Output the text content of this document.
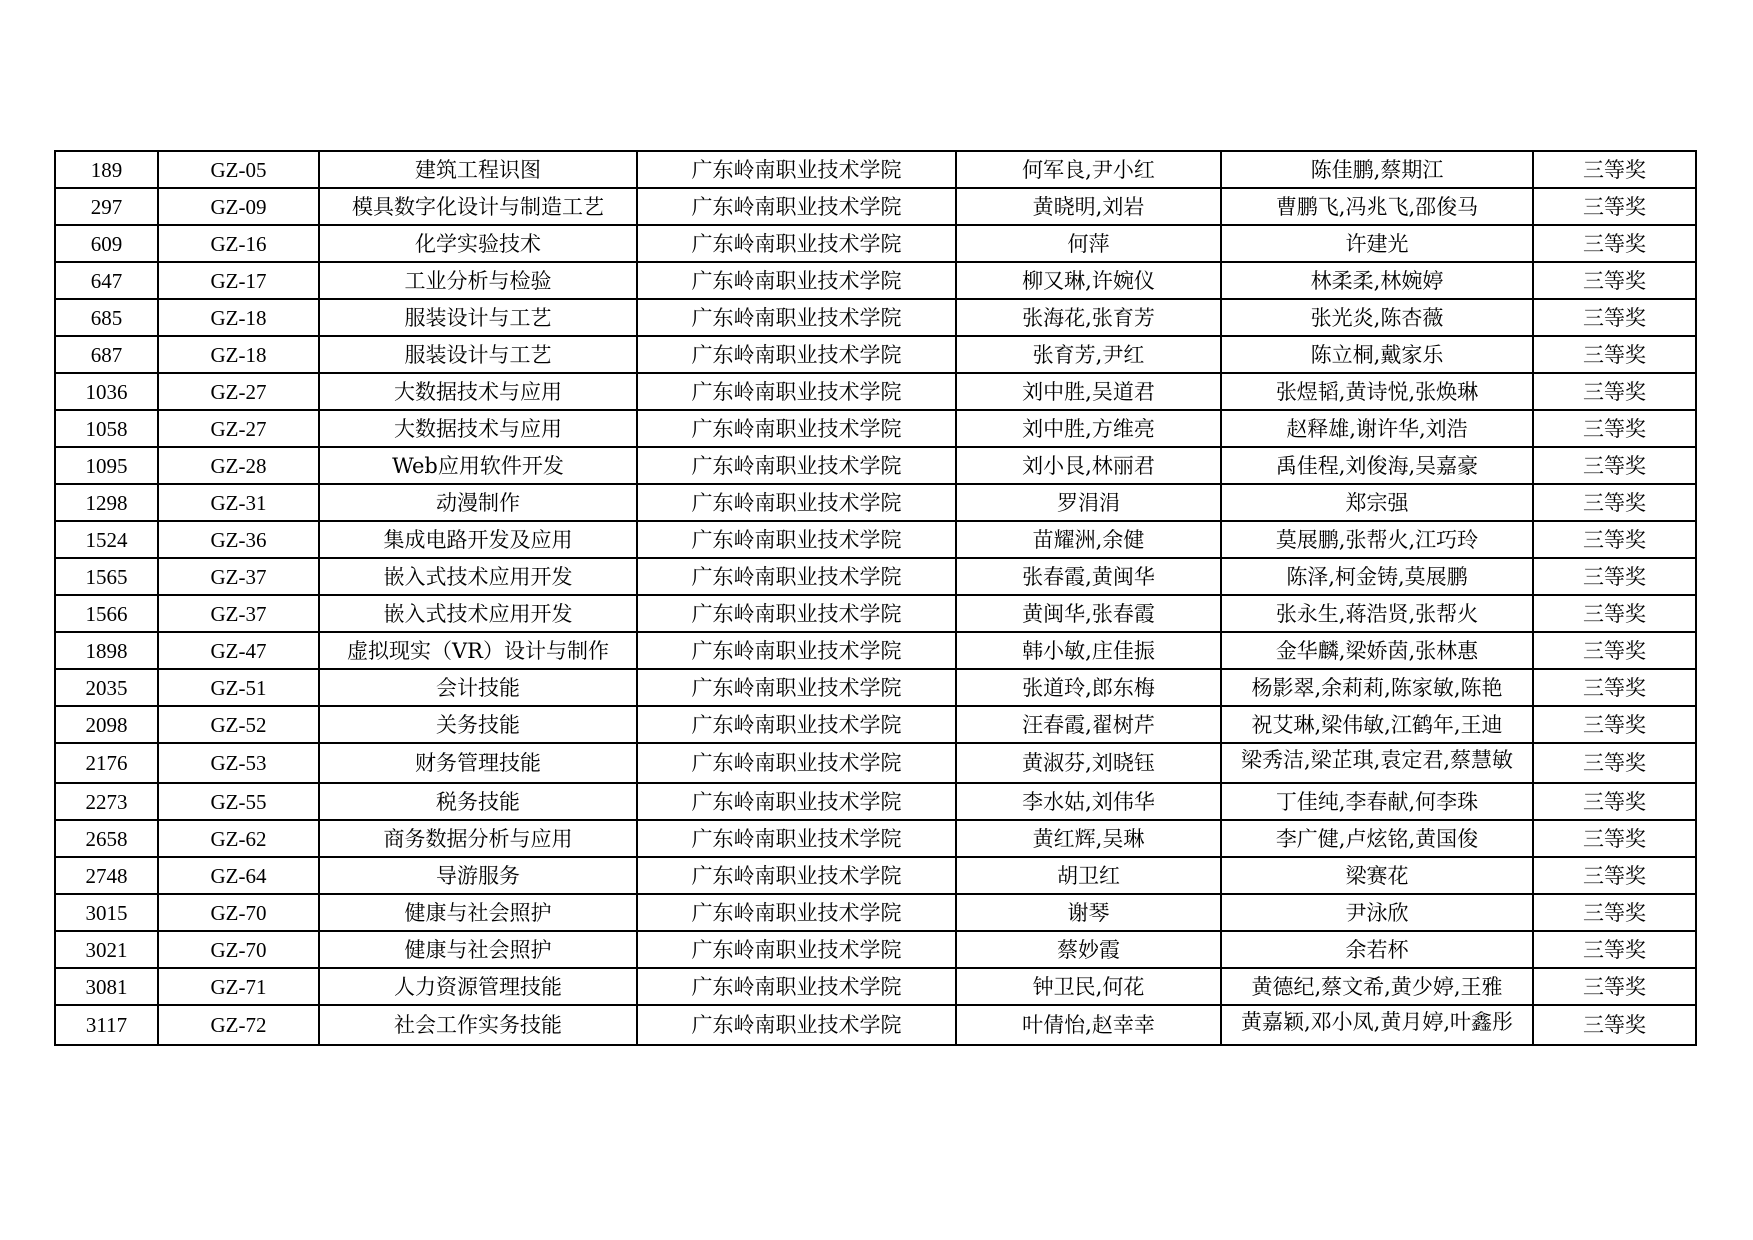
189	GZ-05	建筑工程识图	广东岭南职业技术学院	何军良,尹小红	陈佳鹏,蔡期江	三等奖
297	GZ-09	模具数字化设计与制造工艺	广东岭南职业技术学院	黄晓明,刘岩	曹鹏飞,冯兆飞,邵俊马	三等奖
609	GZ-16	化学实验技术	广东岭南职业技术学院	何萍	许建光	三等奖
647	GZ-17	工业分析与检验	广东岭南职业技术学院	柳又琳,许婉仪	林柔柔,林婉婷	三等奖
685	GZ-18	服装设计与工艺	广东岭南职业技术学院	张海花,张育芳	张光炎,陈杏薇	三等奖
687	GZ-18	服装设计与工艺	广东岭南职业技术学院	张育芳,尹红	陈立桐,戴家乐	三等奖
1036	GZ-27	大数据技术与应用	广东岭南职业技术学院	刘中胜,吴道君	张煜韬,黄诗悦,张焕琳	三等奖
1058	GZ-27	大数据技术与应用	广东岭南职业技术学院	刘中胜,方维亮	赵释雄,谢许华,刘浩	三等奖
1095	GZ-28	Web应用软件开发	广东岭南职业技术学院	刘小艮,林丽君	禹佳程,刘俊海,吴嘉豪	三等奖
1298	GZ-31	动漫制作	广东岭南职业技术学院	罗涓涓	郑宗强	三等奖
1524	GZ-36	集成电路开发及应用	广东岭南职业技术学院	苗耀洲,余健	莫展鹏,张帮火,江巧玲	三等奖
1565	GZ-37	嵌入式技术应用开发	广东岭南职业技术学院	张春霞,黄闽华	陈泽,柯金铸,莫展鹏	三等奖
1566	GZ-37	嵌入式技术应用开发	广东岭南职业技术学院	黄闽华,张春霞	张永生,蒋浩贤,张帮火	三等奖
1898	GZ-47	虚拟现实（VR）设计与制作	广东岭南职业技术学院	韩小敏,庄佳振	金华麟,梁娇茵,张林惠	三等奖
2035	GZ-51	会计技能	广东岭南职业技术学院	张道玲,郎东梅	杨影翠,余莉莉,陈家敏,陈艳	三等奖
2098	GZ-52	关务技能	广东岭南职业技术学院	汪春霞,翟树芹	祝艾琳,梁伟敏,江鹤年,王迪	三等奖
2176	GZ-53	财务管理技能	广东岭南职业技术学院	黄淑芬,刘晓钰	梁秀洁,梁芷琪,袁定君,蔡慧敏	三等奖
2273	GZ-55	税务技能	广东岭南职业技术学院	李水姑,刘伟华	丁佳纯,李春献,何李珠	三等奖
2658	GZ-62	商务数据分析与应用	广东岭南职业技术学院	黄红辉,吴琳	李广健,卢炫铭,黄国俊	三等奖
2748	GZ-64	导游服务	广东岭南职业技术学院	胡卫红	梁赛花	三等奖
3015	GZ-70	健康与社会照护	广东岭南职业技术学院	谢琴	尹泳欣	三等奖
3021	GZ-70	健康与社会照护	广东岭南职业技术学院	蔡妙霞	余若杯	三等奖
3081	GZ-71	人力资源管理技能	广东岭南职业技术学院	钟卫民,何花	黄德纪,蔡文希,黄少婷,王雅	三等奖
3117	GZ-72	社会工作实务技能	广东岭南职业技术学院	叶倩怡,赵幸幸	黄嘉颖,邓小凤,黄月婷,叶鑫彤	三等奖
